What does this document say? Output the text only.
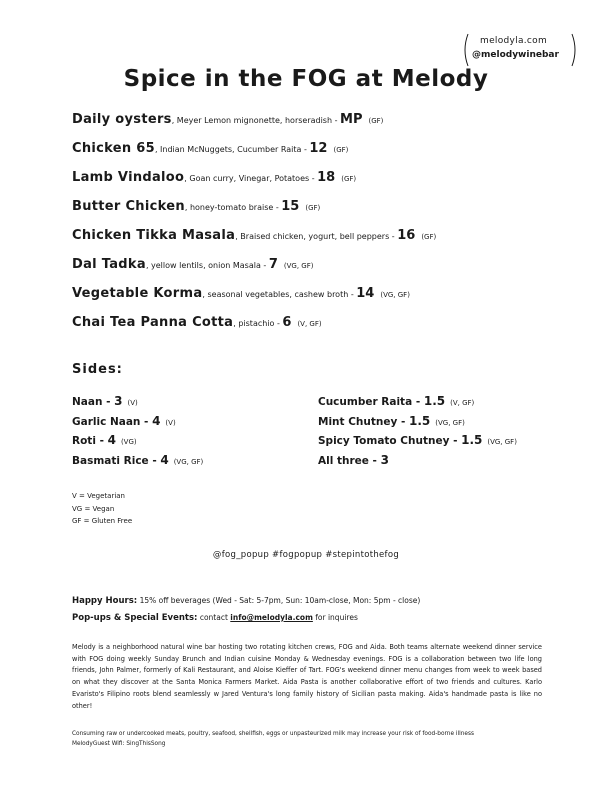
melodyla.com
@melodywinebar
Spice in the FOG at Melody
Daily oysters, Meyer Lemon mignonette, horseradish - MP (GF)
Chicken 65, Indian McNuggets, Cucumber Raita - 12 (GF)
Lamb Vindaloo, Goan curry, Vinegar, Potatoes - 18 (GF)
Butter Chicken, honey-tomato braise - 15 (GF)
Chicken Tikka Masala, Braised chicken, yogurt, bell peppers - 16 (GF)
Dal Tadka, yellow lentils, onion Masala - 7 (VG, GF)
Vegetable Korma, seasonal vegetables, cashew broth - 14 (VG, GF)
Chai Tea Panna Cotta, pistachio - 6 (V, GF)
Sides:
Naan - 3 (V)
Garlic Naan - 4 (V)
Roti - 4 (VG)
Basmati Rice - 4 (VG, GF)
Cucumber Raita - 1.5 (V, GF)
Mint Chutney - 1.5 (VG, GF)
Spicy Tomato Chutney - 1.5 (VG, GF)
All three - 3
V = Vegetarian
VG = Vegan
GF = Gluten Free
@fog_popup #fogpopup #stepintothefog
Happy Hours: 15% off beverages (Wed - Sat: 5-7pm, Sun: 10am-close, Mon: 5pm - close)
Pop-ups & Special Events: contact info@melodyla.com for inquires
Melody is a neighborhood natural wine bar hosting two rotating kitchen crews, FOG and Aida. Both teams alternate weekend dinner service with FOG doing weekly Sunday Brunch and Indian cuisine Monday & Wednesday evenings. FOG is a collaboration between two life long friends, John Palmer, formerly of Kali Restaurant, and Aloise Kieffer of Tart. FOG's weekend dinner menu changes from week to week based on what they discover at the Santa Monica Farmers Market. Aida Pasta is another collaborative effort of two friends and cultures. Karlo Evaristo's Filipino roots blend seamlessly w Jared Ventura's long family history of Sicilian pasta making. Aida's handmade pasta is like no other!
Consuming raw or undercooked meats, poultry, seafood, shellfish, eggs or unpasteurized milk may increase your risk of food-borne illness
MelodyGuest Wifi: SingThisSong
